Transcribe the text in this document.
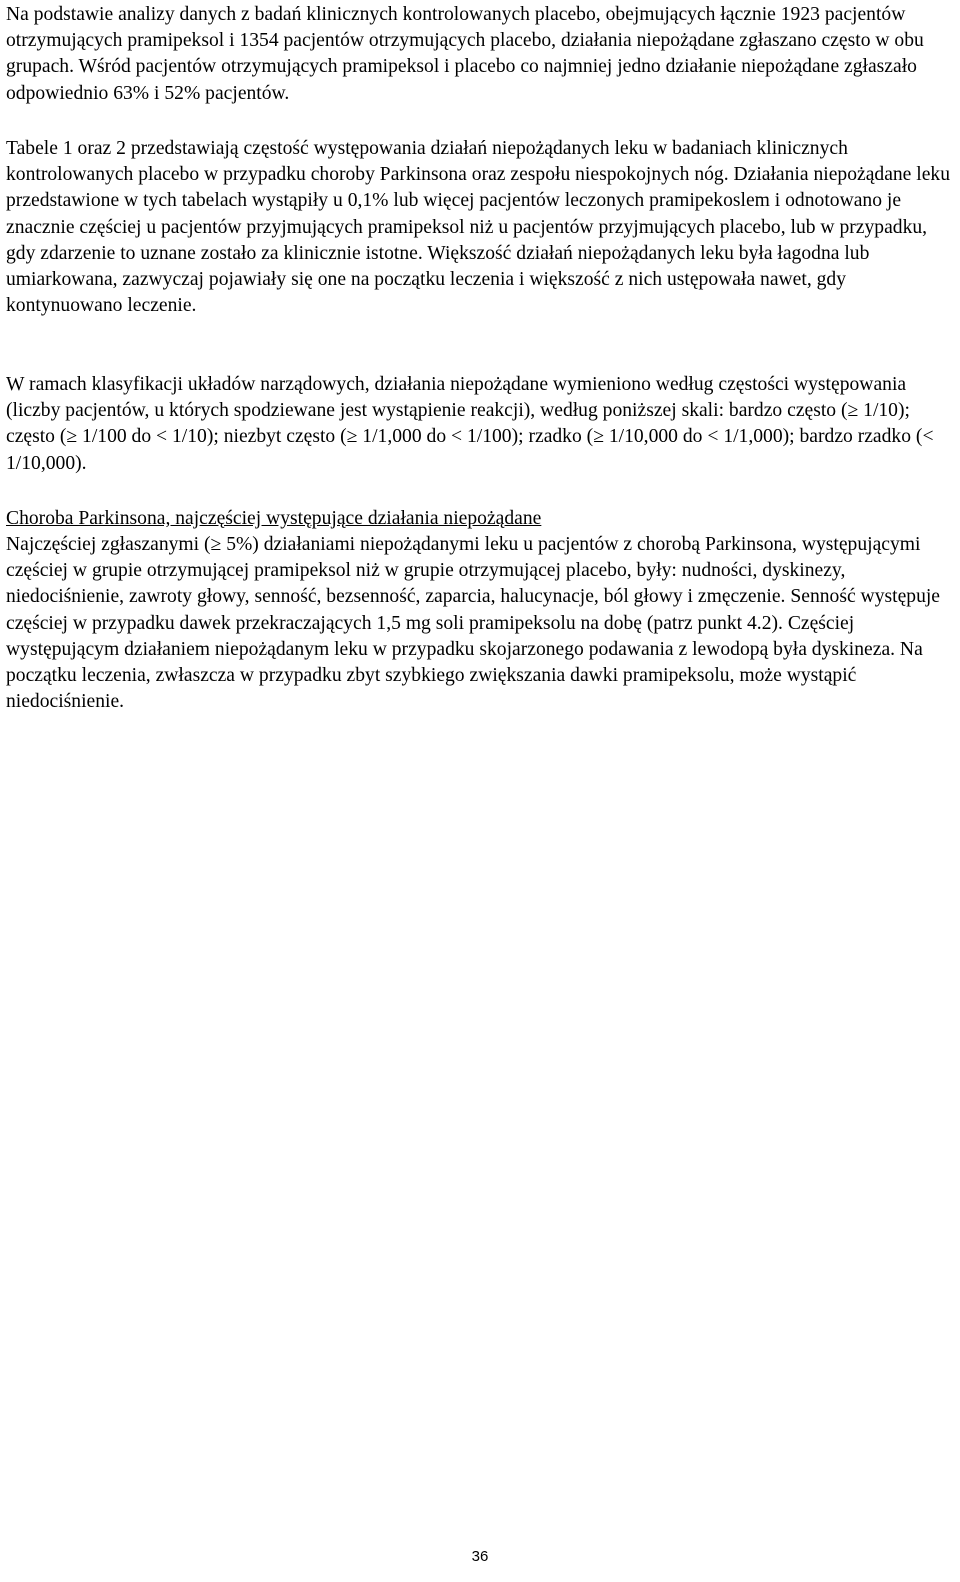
Na podstawie analizy danych z badań klinicznych kontrolowanych placebo, obejmujących łącznie 1923 pacjentów otrzymujących pramipeksol i 1354 pacjentów otrzymujących placebo, działania niepożądane zgłaszano często w obu grupach. Wśród pacjentów otrzymujących pramipeksol i placebo co najmniej jedno działanie niepożądane zgłaszało odpowiednio 63% i 52% pacjentów.

Tabele 1 oraz 2 przedstawiają częstość występowania działań niepożądanych leku w badaniach klinicznych kontrolowanych placebo w przypadku choroby Parkinsona oraz zespołu niespokojnych nóg. Działania niepożądane leku przedstawione w tych tabelach wystąpiły u 0,1% lub więcej pacjentów leczonych pramipekoslem i odnotowano je znacznie częściej u pacjentów przyjmujących pramipeksol niż u pacjentów przyjmujących placebo, lub w przypadku, gdy zdarzenie to uznane zostało za klinicznie istotne. Większość działań niepożądanych leku była łagodna lub umiarkowana, zazwyczaj pojawiały się one na początku leczenia i większość z nich ustępowała nawet, gdy kontynuowano leczenie.

W ramach klasyfikacji układów narządowych, działania niepożądane wymieniono według częstości występowania (liczby pacjentów, u których spodziewane jest wystąpienie reakcji), według poniższej skali: bardzo często (≥ 1/10); często (≥ 1/100 do < 1/10); niezbyt często (≥ 1/1,000 do < 1/100); rzadko (≥ 1/10,000 do < 1/1,000); bardzo rzadko (< 1/10,000).

Choroba Parkinsona, najczęściej występujące działania niepożądane

Najczęściej zgłaszanymi (≥ 5%) działaniami niepożądanymi leku u pacjentów z chorobą Parkinsona, występującymi częściej w grupie otrzymującej pramipeksol niż w grupie otrzymującej placebo, były: nudności, dyskinezy, niedociśnienie, zawroty głowy, senność, bezsenność, zaparcia, halucynacje, ból głowy i zmęczenie. Senność występuje częściej w przypadku dawek przekraczających 1,5 mg soli pramipeksolu na dobę (patrz punkt 4.2). Częściej występującym działaniem niepożądanym leku w przypadku skojarzonego podawania z lewodopą była dyskineza. Na początku leczenia, zwłaszcza w przypadku zbyt szybkiego zwiększania dawki pramipeksolu, może wystąpić niedociśnienie.

36
